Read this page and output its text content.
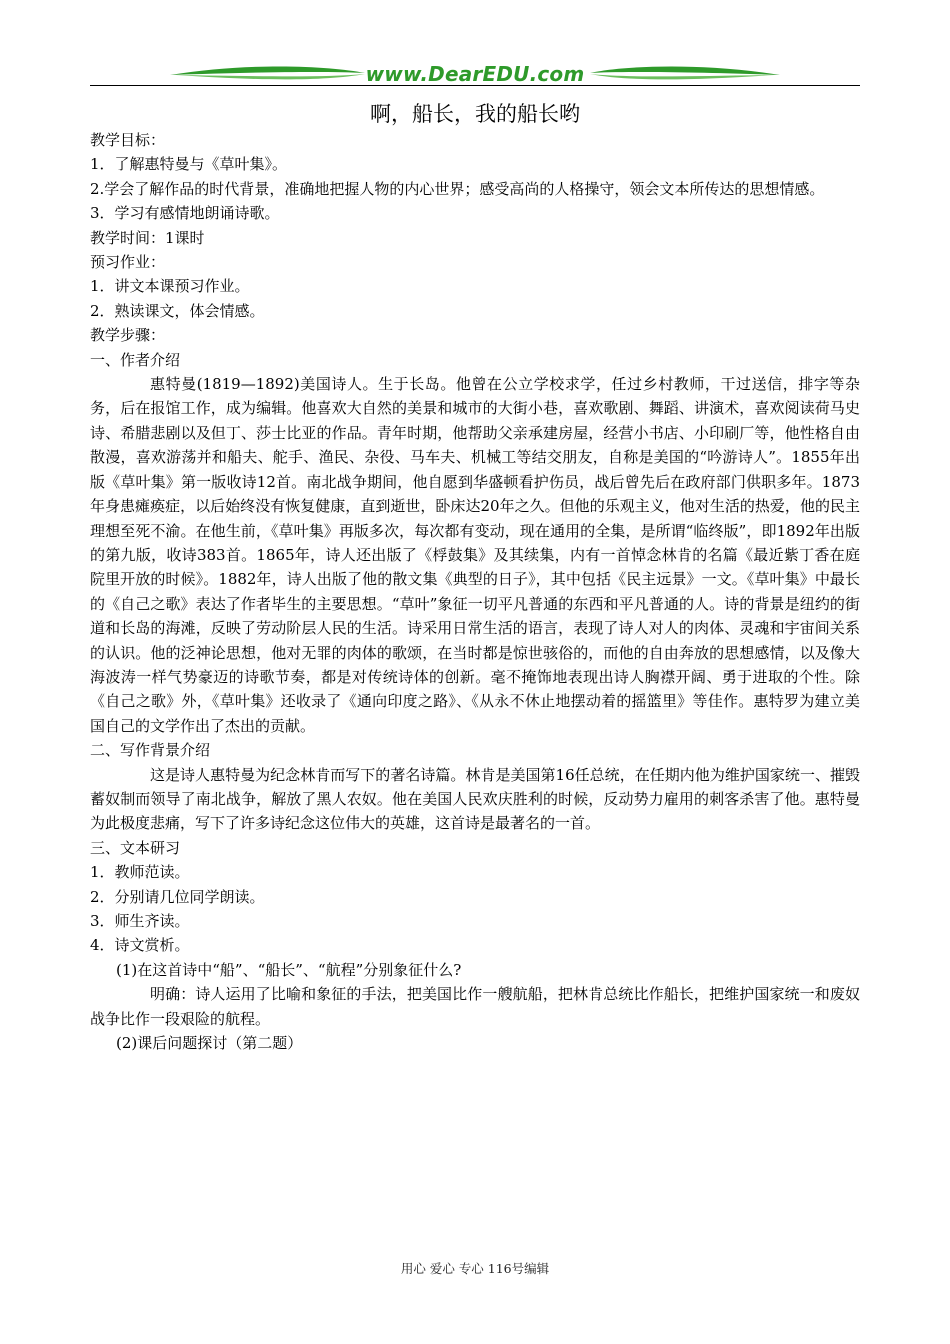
www.DearEDU.com
啊，船长，我的船长哟

教学目标：

1．了解惠特曼与《草叶集》。

2.学会了解作品的时代背景，准确地把握人物的内心世界；感受高尚的人格操守，领会文本所传达的思想情感。

3．学习有感情地朗诵诗歌。

教学时间：1课时

预习作业：

1．讲文本课预习作业。

2．熟读课文，体会情感。

教学步骤：

一、作者介绍

惠特曼(1819—1892)美国诗人。生于长岛。他曾在公立学校求学，任过乡村教师，干过送信，排字等杂务，后在报馆工作，成为编辑。他喜欢大自然的美景和城市的大街小巷，喜欢歌剧、舞蹈、讲演术，喜欢阅读荷马史诗、希腊悲剧以及但丁、莎士比亚的作品。青年时期，他帮助父亲承建房屋，经营小书店、小印刷厂等，他性格自由散漫，喜欢游荡并和船夫、舵手、渔民、杂役、马车夫、机械工等结交朋友，自称是美国的“吟游诗人”。1855年出版《草叶集》第一版收诗12首。南北战争期间，他自愿到华盛顿看护伤员，战后曾先后在政府部门供职多年。1873年身患瘫痪症，以后始终没有恢复健康，直到逝世，卧床达20年之久。但他的乐观主义，他对生活的热爱，他的民主理想至死不渝。在他生前，《草叶集》再版多次，每次都有变动，现在通用的全集，是所谓“临终版”，即1892年出版的第九版，收诗383首。1865年，诗人还出版了《桴鼓集》及其续集，内有一首悼念林肯的名篇《最近紫丁香在庭院里开放的时候》。1882年，诗人出版了他的散文集《典型的日子》，其中包括《民主远景》一文。《草叶集》中最长的《自己之歌》表达了作者毕生的主要思想。“草叶”象征一切平凡普通的东西和平凡普通的人。诗的背景是纽约的街道和长岛的海滩，反映了劳动阶层人民的生活。诗采用日常生活的语言，表现了诗人对人的肉体、灵魂和宇宙间关系的认识。他的泛神论思想，他对无罪的肉体的歌颂，在当时都是惊世骇俗的，而他的自由奔放的思想感情，以及像大海波涛一样气势豪迈的诗歌节奏，都是对传统诗体的创新。毫不掩饰地表现出诗人胸襟开阔、勇于进取的个性。除《自己之歌》外，《草叶集》还收录了《通向印度之路》、《从永不休止地摆动着的摇篮里》等佳作。惠特罗为建立美国自己的文学作出了杰出的贡献。

二、写作背景介绍

这是诗人惠特曼为纪念林肯而写下的著名诗篇。林肯是美国第16任总统，在任期内他为维护国家统一、摧毁蓄奴制而领导了南北战争，解放了黑人农奴。他在美国人民欢庆胜利的时候，反动势力雇用的刺客杀害了他。惠特曼为此极度悲痛，写下了许多诗纪念这位伟大的英雄，这首诗是最著名的一首。

三、文本研习

1．教师范读。

2．分别请几位同学朗读。

3．师生齐读。

4．诗文赏析。

(1)在这首诗中“船”、“船长”、“航程”分别象征什么?

明确：诗人运用了比喻和象征的手法，把美国比作一艘航船，把林肯总统比作船长，把维护国家统一和废奴战争比作一段艰险的航程。

(2)课后问题探讨（第二题）

用心 爱心 专心 116号编辑
